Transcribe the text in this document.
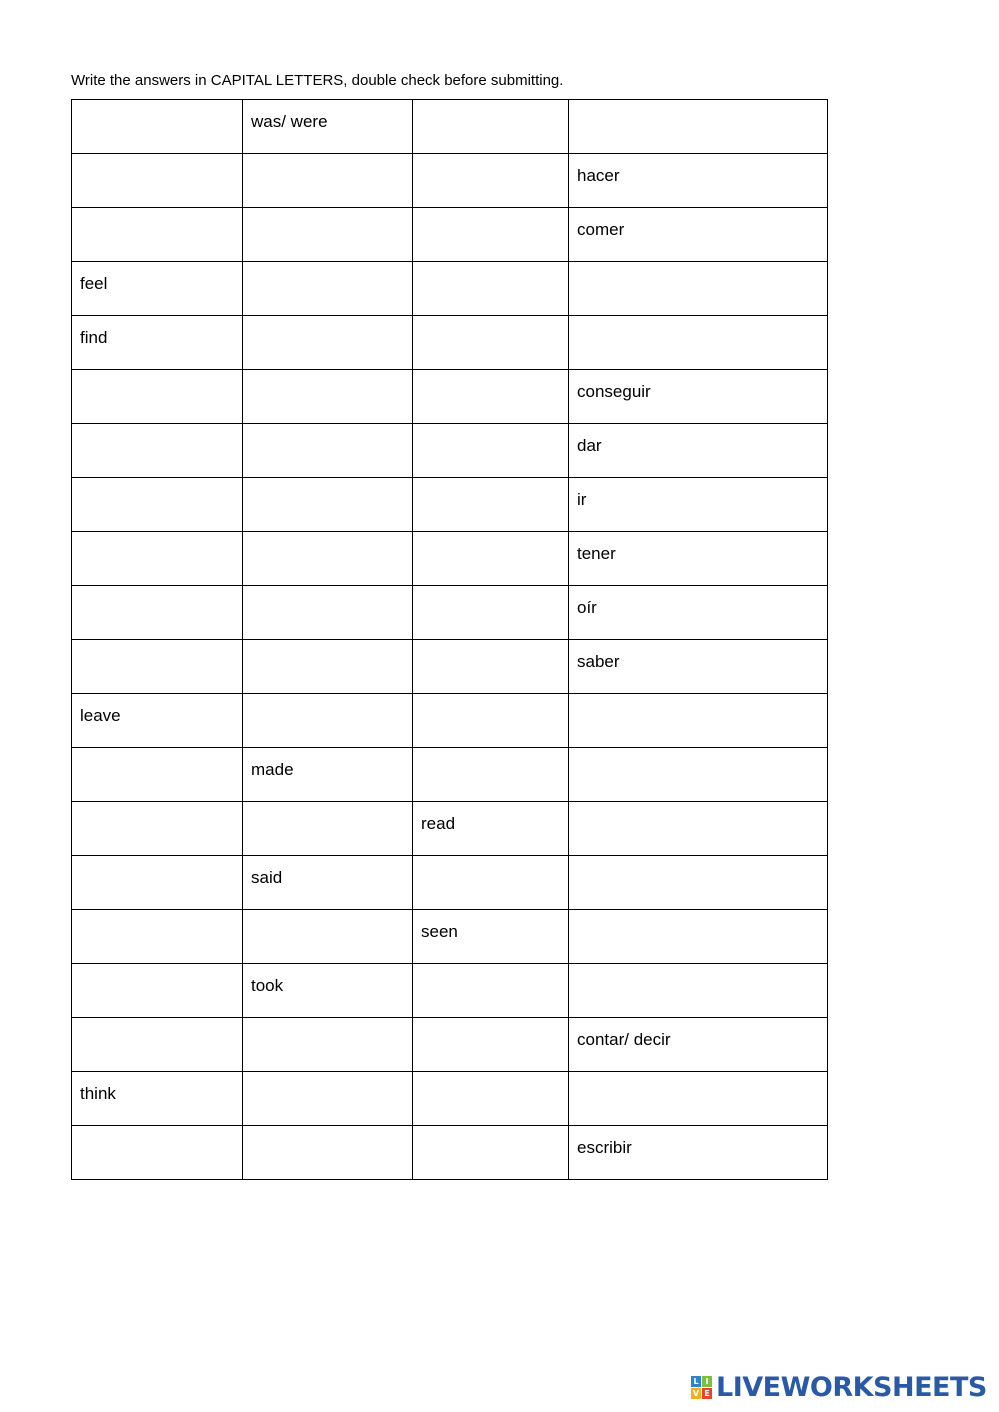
Write the answers in CAPITAL LETTERS, double check before submitting.

	was/ were		

			hacer

			comer

feel			

find			

			conseguir

			dar

			ir

			tener

			oír

			saber

leave			

	made		

		read	

	said		

		seen	

	took		

			contar/ decir

think			

			escribir
L I
V E LIVEWORKSHEETS
